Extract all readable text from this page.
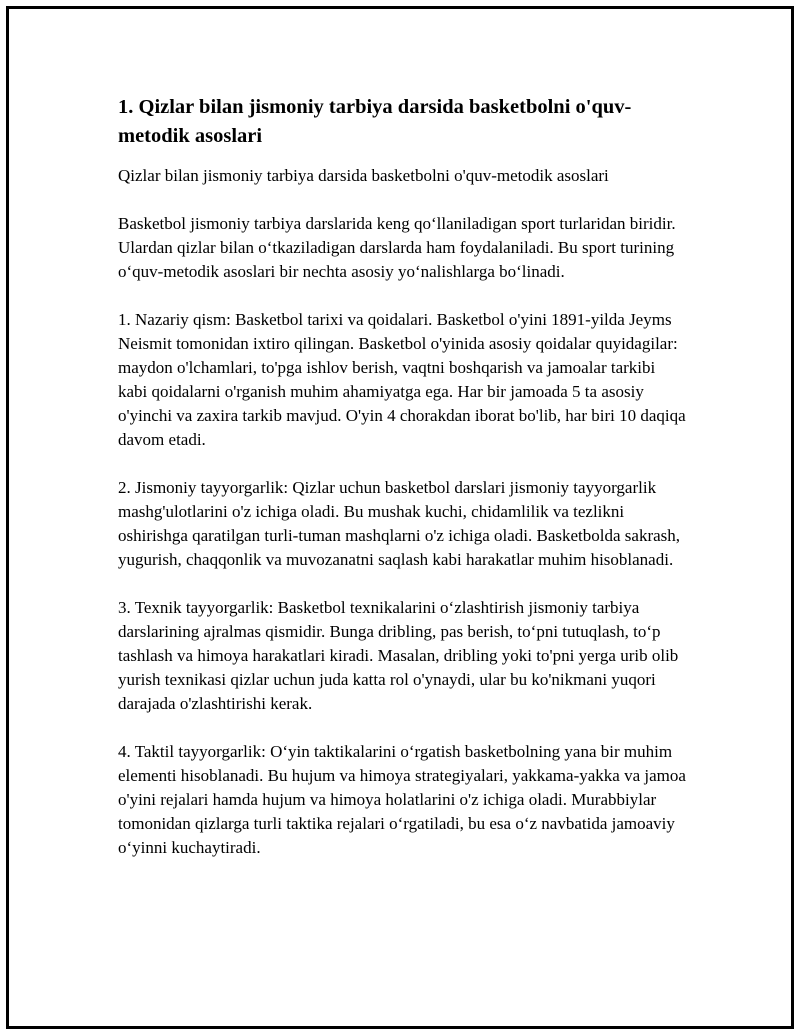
1. Qizlar bilan jismoniy tarbiya darsida basketbolni o'quv-metodik asoslari

Qizlar bilan jismoniy tarbiya darsida basketbolni o'quv-metodik asoslari

Basketbol jismoniy tarbiya darslarida keng qo‘llaniladigan sport turlaridan biridir. Ulardan qizlar bilan o‘tkaziladigan darslarda ham foydalaniladi. Bu sport turining o‘quv-metodik asoslari bir nechta asosiy yo‘nalishlarga bo‘linadi.

1. Nazariy qism: Basketbol tarixi va qoidalari. Basketbol o'yini 1891-yilda Jeyms Neismit tomonidan ixtiro qilingan. Basketbol o'yinida asosiy qoidalar quyidagilar: maydon o'lchamlari, to'pga ishlov berish, vaqtni boshqarish va jamoalar tarkibi kabi qoidalarni o'rganish muhim ahamiyatga ega. Har bir jamoada 5 ta asosiy o'yinchi va zaxira tarkib mavjud. O'yin 4 chorakdan iborat bo'lib, har biri 10 daqiqa davom etadi.

2. Jismoniy tayyorgarlik: Qizlar uchun basketbol darslari jismoniy tayyorgarlik mashg'ulotlarini o'z ichiga oladi. Bu mushak kuchi, chidamlilik va tezlikni oshirishga qaratilgan turli-tuman mashqlarni o'z ichiga oladi. Basketbolda sakrash, yugurish, chaqqonlik va muvozanatni saqlash kabi harakatlar muhim hisoblanadi.

3. Texnik tayyorgarlik: Basketbol texnikalarini o‘zlashtirish jismoniy tarbiya darslarining ajralmas qismidir. Bunga dribling, pas berish, to‘pni tutuqlash, to‘p tashlash va himoya harakatlari kiradi. Masalan, dribling yoki to'pni yerga urib olib yurish texnikasi qizlar uchun juda katta rol o'ynaydi, ular bu ko'nikmani yuqori darajada o'zlashtirishi kerak.

4. Taktil tayyorgarlik: O‘yin taktikalarini o‘rgatish basketbolning yana bir muhim elementi hisoblanadi. Bu hujum va himoya strategiyalari, yakkama-yakka va jamoa o'yini rejalari hamda hujum va himoya holatlarini o'z ichiga oladi. Murabbiylar tomonidan qizlarga turli taktika rejalari o‘rgatiladi, bu esa o‘z navbatida jamoaviy o‘yinni kuchaytiradi.
